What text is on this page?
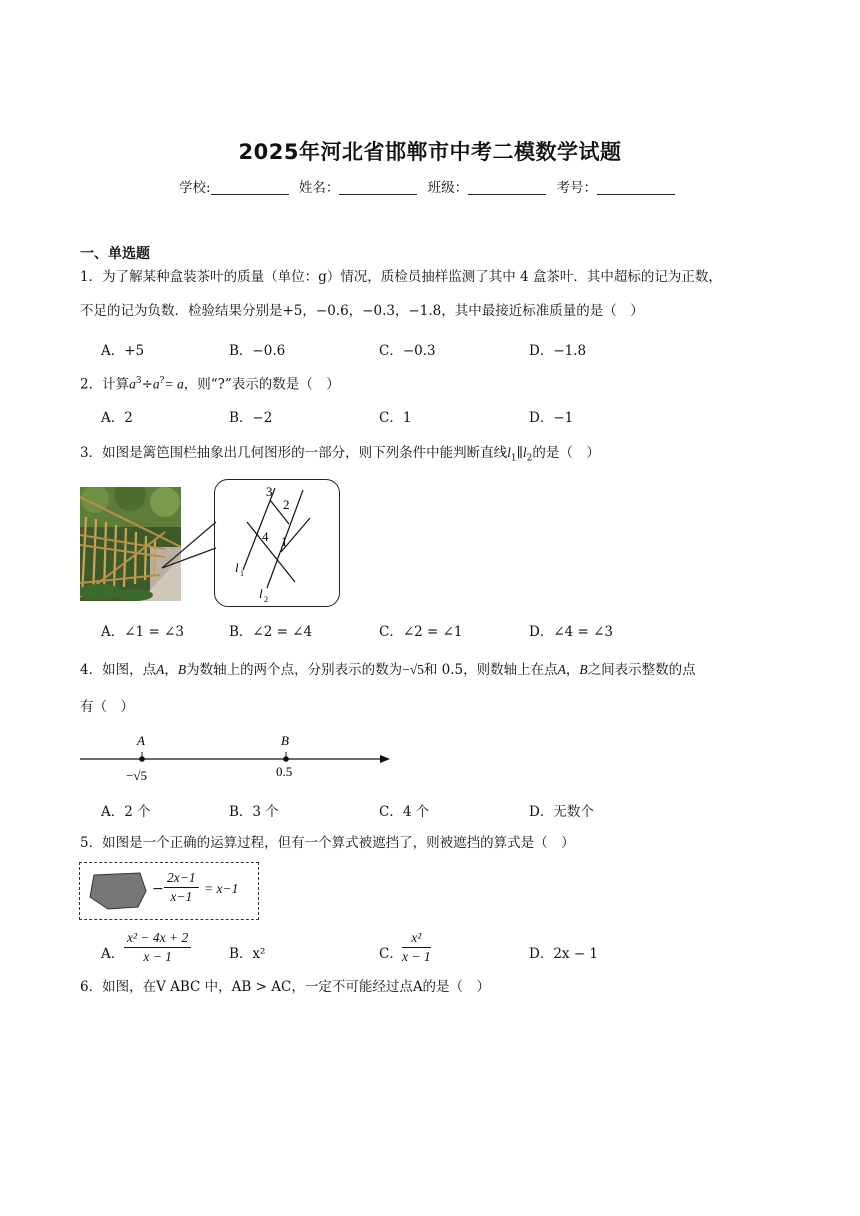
2025年河北省邯郸市中考二模数学试题
学校:	姓名：	班级：	考号：
一、单选题
1．为了解某种盒装茶叶的质量（单位：g）情况，质检员抽样监测了其中 4 盒茶叶．其中超标的记为正数，
不足的记为负数．检验结果分别是+5，−0.6，−0.3，−1.8，其中最接近标准质量的是（　）
A．+5	B．−0.6	C．−0.3	D．−1.8
2．计算$a^3\div a^?= a$，则“?”表示的数是（　）
A．2	B．−2	C．1	D．−1
3．如图是篱笆围栏抽象出几何图形的一部分，则下列条件中能判断直线$l_1\parallel l_2$的是（　）
3
2
4 1
l 1
l 2
A．∠1 = ∠3	B．∠2 = ∠4	C．∠2 = ∠1	D．∠4 = ∠3
4．如图，点A，B为数轴上的两个点，分别表示的数为−√5和 0.5，则数轴上在点A，B之间表示整数的点
有（　）
A	B
−√5	0.5
A．2 个	B．3 个	C．4 个	D．无数个
5．如图是一个正确的运算过程，但有一个算式被遮挡了，则被遮挡的算式是（　）
− $\frac{2x-1}{x-1} = x-1$
A． $\frac{\text{x² − 4x + 2}}{x - 1}$	B．x²	C． $\frac{\text{x²}}{x - 1}$	D．2x − 1
6．如图，在V ABC 中，AB > AC，一定不可能经过点A的是（　）
